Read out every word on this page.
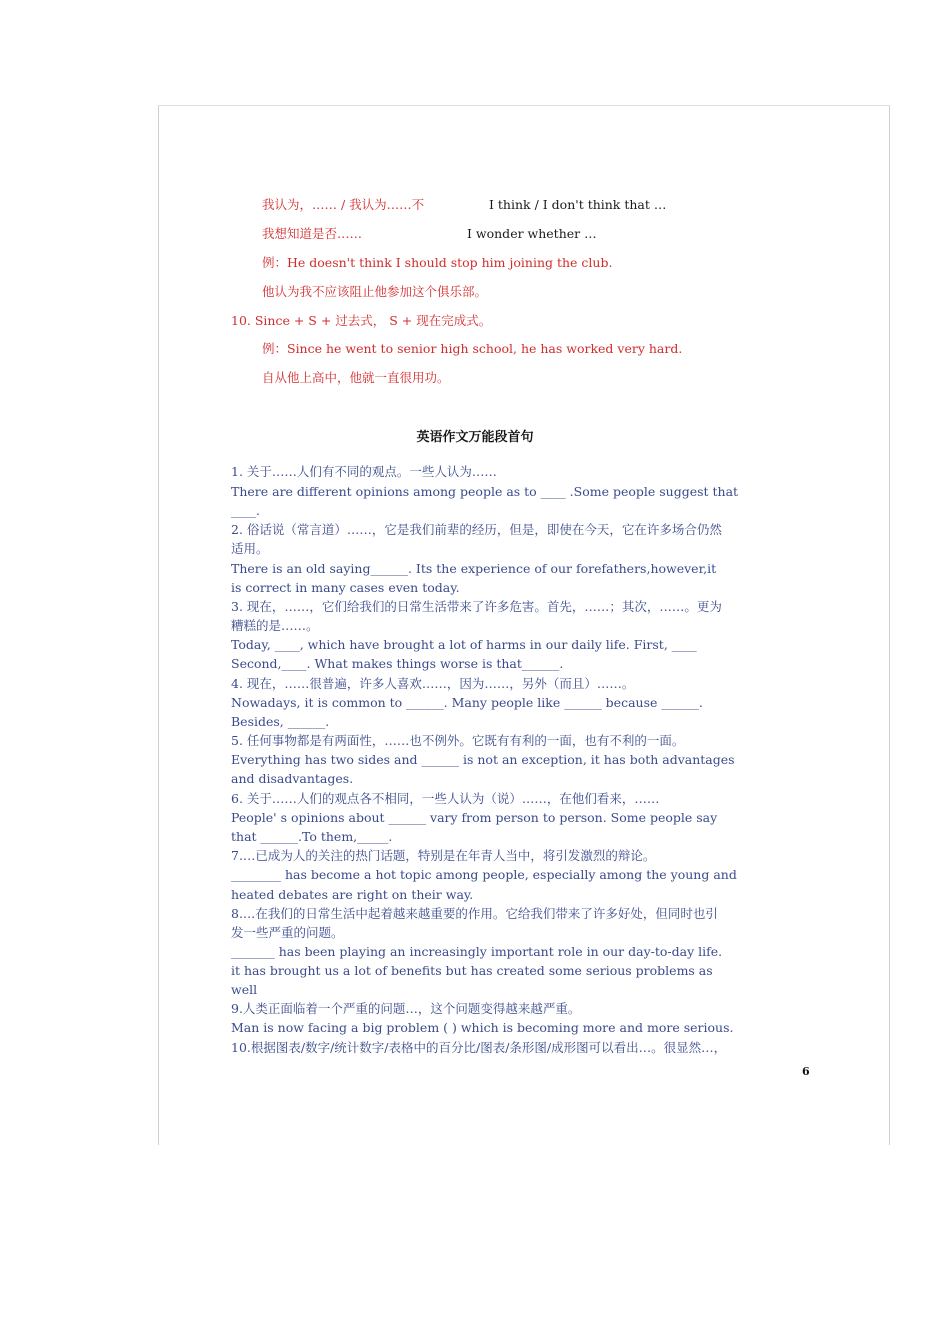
我认为，…… / 我认为……不	I think / I don't think that …
我想知道是否……	I wonder whether …
例：He doesn't think I should stop him joining the club.
他认为我不应该阻止他参加这个俱乐部。
10. Since + S + 过去式， S + 现在完成式。
例：Since he went to senior high school, he has worked very hard.
自从他上高中，他就一直很用功。
英语作文万能段首句
1. 关于……人们有不同的观点。一些人认为……
There are different opinions among people as to ____ .Some people suggest that
____.
2. 俗话说（常言道）……，它是我们前辈的经历，但是，即使在今天，它在许多场合仍然
适用。
There is an old saying______. Its the experience of our forefathers,however,it
is correct in many cases even today.
3. 现在，……，它们给我们的日常生活带来了许多危害。首先，……；其次，……。更为
糟糕的是……。
Today, ____, which have brought a lot of harms in our daily life. First, ____
Second,____. What makes things worse is that______.
4. 现在，……很普遍，许多人喜欢……，因为……，另外（而且）……。
Nowadays, it is common to ______. Many people like ______ because ______.
Besides, ______.
5. 任何事物都是有两面性，……也不例外。它既有有利的一面，也有不利的一面。
Everything has two sides and ______ is not an exception, it has both advantages
and disadvantages.
6. 关于……人们的观点各不相同，一些人认为（说）……，在他们看来，……
People' s opinions about ______ vary from person to person. Some people say
that ______.To them,_____.
7.…已成为人的关注的热门话题，特别是在年青人当中，将引发激烈的辩论。
________ has become a hot topic among people, especially among the young and
heated debates are right on their way.
8.…在我们的日常生活中起着越来越重要的作用。它给我们带来了许多好处，但同时也引
发一些严重的问题。
_______ has been playing an increasingly important role in our day-to-day life.
it has brought us a lot of benefits but has created some serious problems as
well
9.人类正面临着一个严重的问题…，这个问题变得越来越严重。
Man is now facing a big problem ( ) which is becoming more and more serious.
10.根据图表/数字/统计数字/表格中的百分比/图表/条形图/成形图可以看出…。很显然…，
6
